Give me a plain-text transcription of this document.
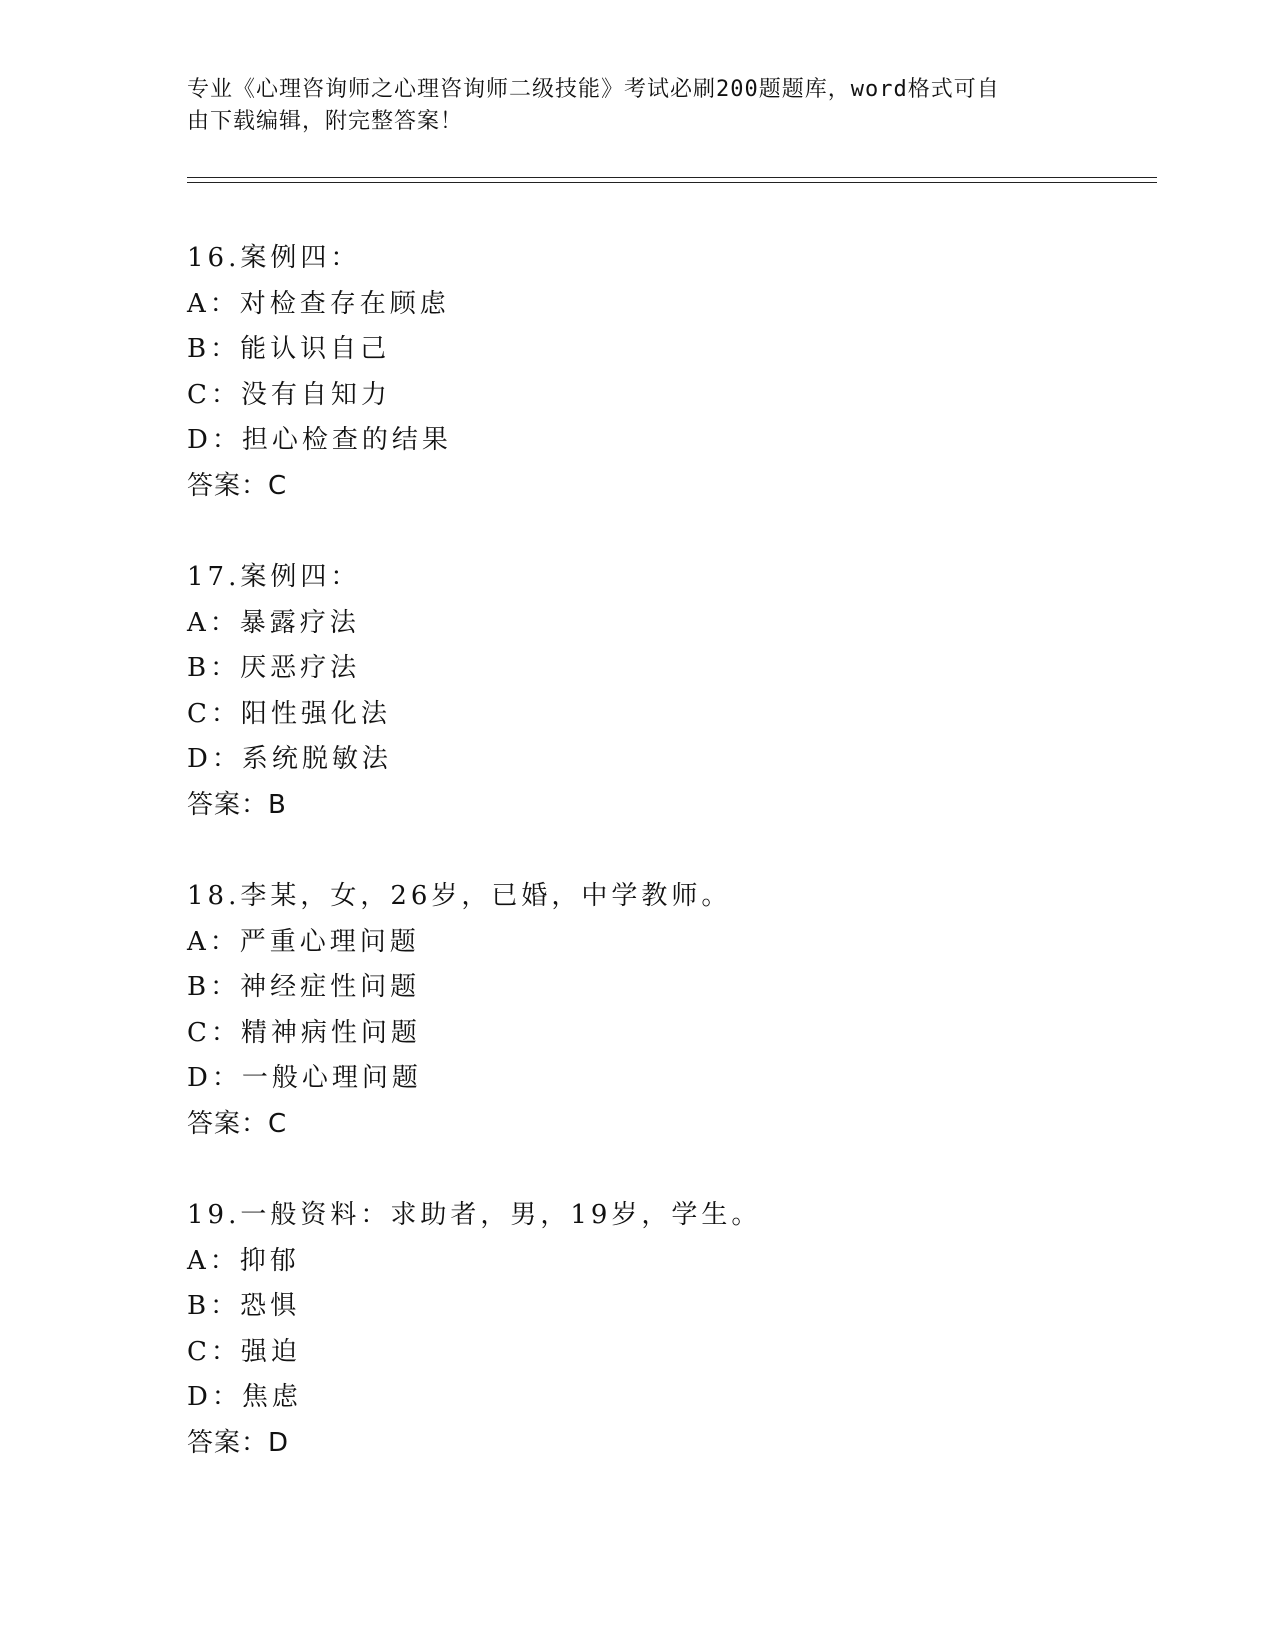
专业《心理咨询师之心理咨询师二级技能》考试必刷200题题库，word格式可自
由下载编辑，附完整答案！
16.案例四：
A：对检查存在顾虑
B：能认识自己
C：没有自知力
D：担心检查的结果
答案：C
17.案例四：
A：暴露疗法
B：厌恶疗法
C：阳性强化法
D：系统脱敏法
答案：B
18.李某，女，26岁，已婚，中学教师。
A：严重心理问题
B：神经症性问题
C：精神病性问题
D：一般心理问题
答案：C
19.一般资料：求助者，男，19岁，学生。
A：抑郁
B：恐惧
C：强迫
D：焦虑
答案：D
